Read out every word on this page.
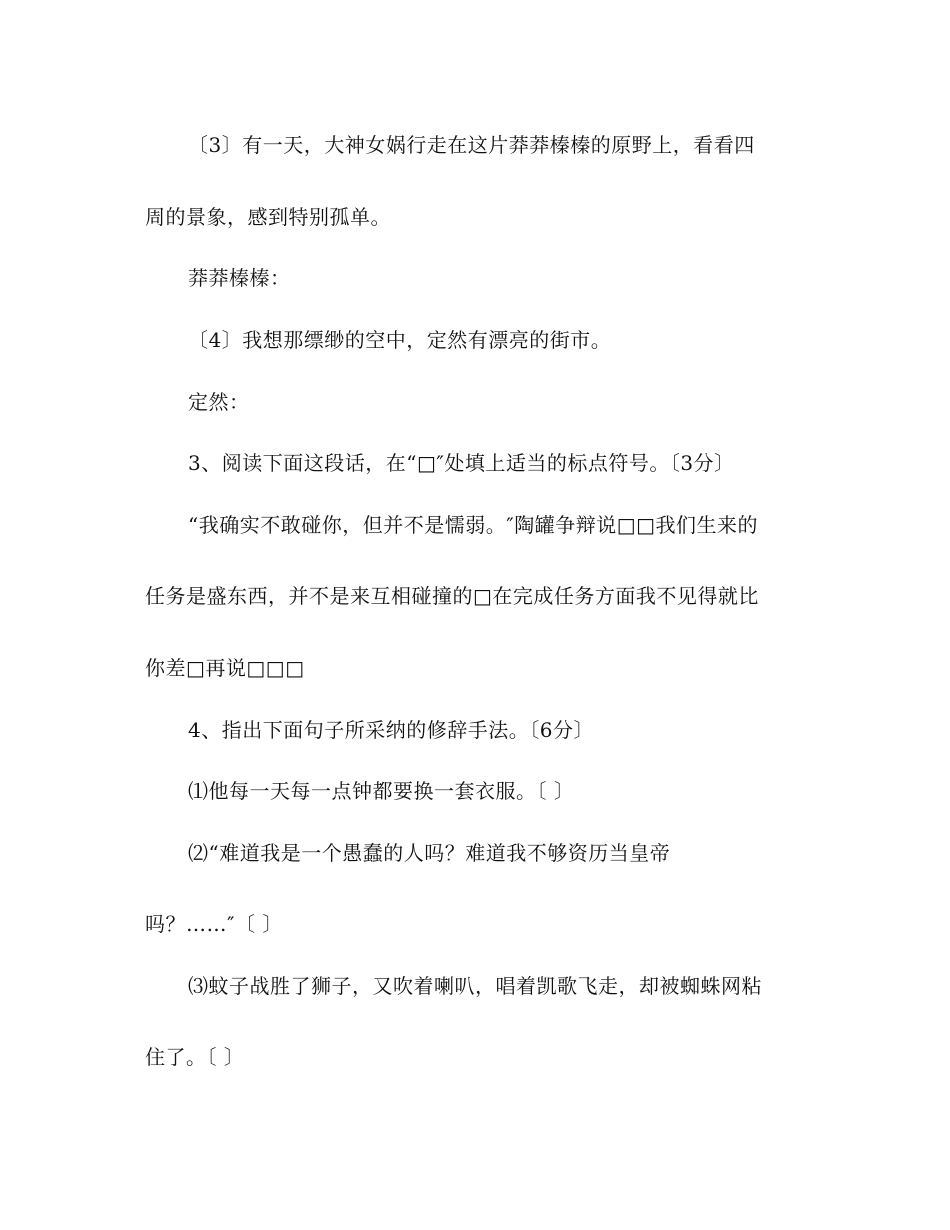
〔3〕有一天，大神女娲行走在这片莽莽榛榛的原野上，看看四
周的景象，感到特别孤单。
莽莽榛榛：
〔4〕我想那缥缈的空中，定然有漂亮的街市。
定然：
3、阅读下面这段话，在“□″处填上适当的标点符号。〔3分〕
“我确实不敢碰你，但并不是懦弱。″陶罐争辩说□□我们生来的
任务是盛东西，并不是来互相碰撞的□在完成任务方面我不见得就比
你差□再说□□□
4、指出下面句子所采纳的修辞手法。〔6分〕
⑴他每一天每一点钟都要换一套衣服。〔 〕
⑵“难道我是一个愚蠢的人吗？难道我不够资历当皇帝
吗？……″〔 〕
⑶蚊子战胜了狮子，又吹着喇叭，唱着凯歌飞走，却被蜘蛛网粘
住了。〔 〕
